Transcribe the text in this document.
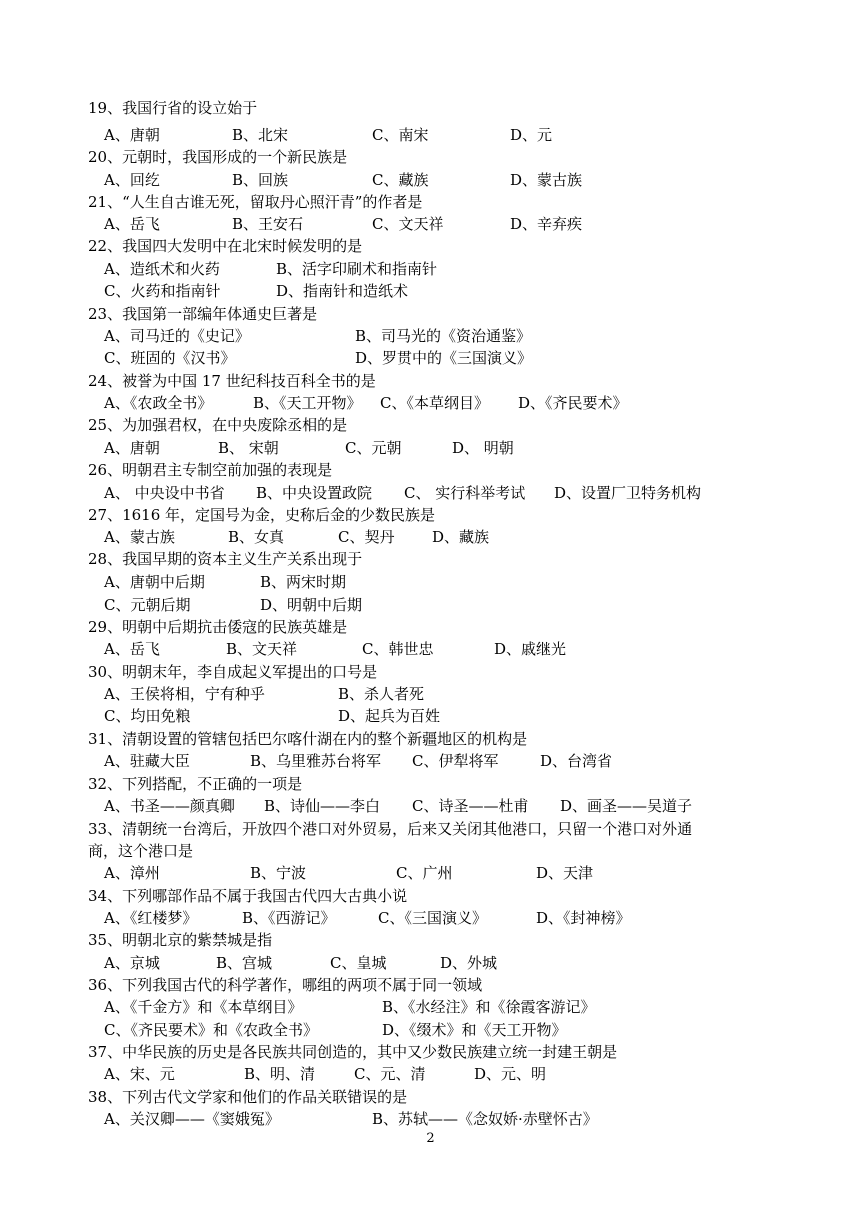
19、我国行省的设立始于
A、唐朝	B、北宋	C、南宋	D、元
20、元朝时，我国形成的一个新民族是
A、回纥	B、回族	C、藏族	D、蒙古族
21、“人生自古谁无死，留取丹心照汗青”的作者是
A、岳飞	B、王安石	C、文天祥	D、辛弃疾
22、我国四大发明中在北宋时候发明的是
A、造纸术和火药	B、活字印刷术和指南针
C、火药和指南针	D、指南针和造纸术
23、我国第一部编年体通史巨著是
A、司马迁的《史记》	B、司马光的《资治通鉴》
C、班固的《汉书》	D、罗贯中的《三国演义》
24、被誉为中国 17 世纪科技百科全书的是
A、《农政全书》	B、《天工开物》 C、《本草纲目》 D、《齐民要术》
25、为加强君权，在中央废除丞相的是
A、唐朝	B、 宋朝	C、元朝	D、 明朝
26、明朝君主专制空前加强的表现是
A、 中央设中书省 B、中央设置政院 C、 实行科举考试 D、设置厂卫特务机构
27、1616 年，定国号为金，史称后金的少数民族是
A、蒙古族	B、女真	C、契丹	D、藏族
28、我国早期的资本主义生产关系出现于
A、唐朝中后期	B、两宋时期
C、元朝后期	D、明朝中后期
29、明朝中后期抗击倭寇的民族英雄是
A、岳飞	B、文天祥	C、韩世忠	D、戚继光
30、明朝末年，李自成起义军提出的口号是
A、王侯将相，宁有种乎	B、杀人者死
C、均田免粮	D、起兵为百姓
31、清朝设置的管辖包括巴尔喀什湖在内的整个新疆地区的机构是
A、驻藏大臣	B、乌里雅苏台将军 C、伊犁将军	D、台湾省
32、下列搭配，不正确的一项是
A、书圣——颜真卿 B、诗仙——李白 C、诗圣——杜甫 D、画圣——吴道子
33、清朝统一台湾后，开放四个港口对外贸易，后来又关闭其他港口，只留一个港口对外通
商，这个港口是
A、漳州	B、宁波	C、广州	D、天津
34、下列哪部作品不属于我国古代四大古典小说
A、《红楼梦》	B、《西游记》	C、《三国演义》	D、《封神榜》
35、明朝北京的紫禁城是指
A、京城	B、宫城	C、皇城	D、外城
36、下列我国古代的科学著作，哪组的两项不属于同一领域
A、《千金方》和《本草纲目》	B、《水经注》和《徐霞客游记》
C、《齐民要术》和《农政全书》	D、《缀术》和《天工开物》
37、中华民族的历史是各民族共同创造的，其中又少数民族建立统一封建王朝是
A、宋、元	B、明、清	C、元、清	D、元、明
38、下列古代文学家和他们的作品关联错误的是
A、关汉卿——《窦娥冤》	B、苏轼——《念奴娇·赤壁怀古》
2
